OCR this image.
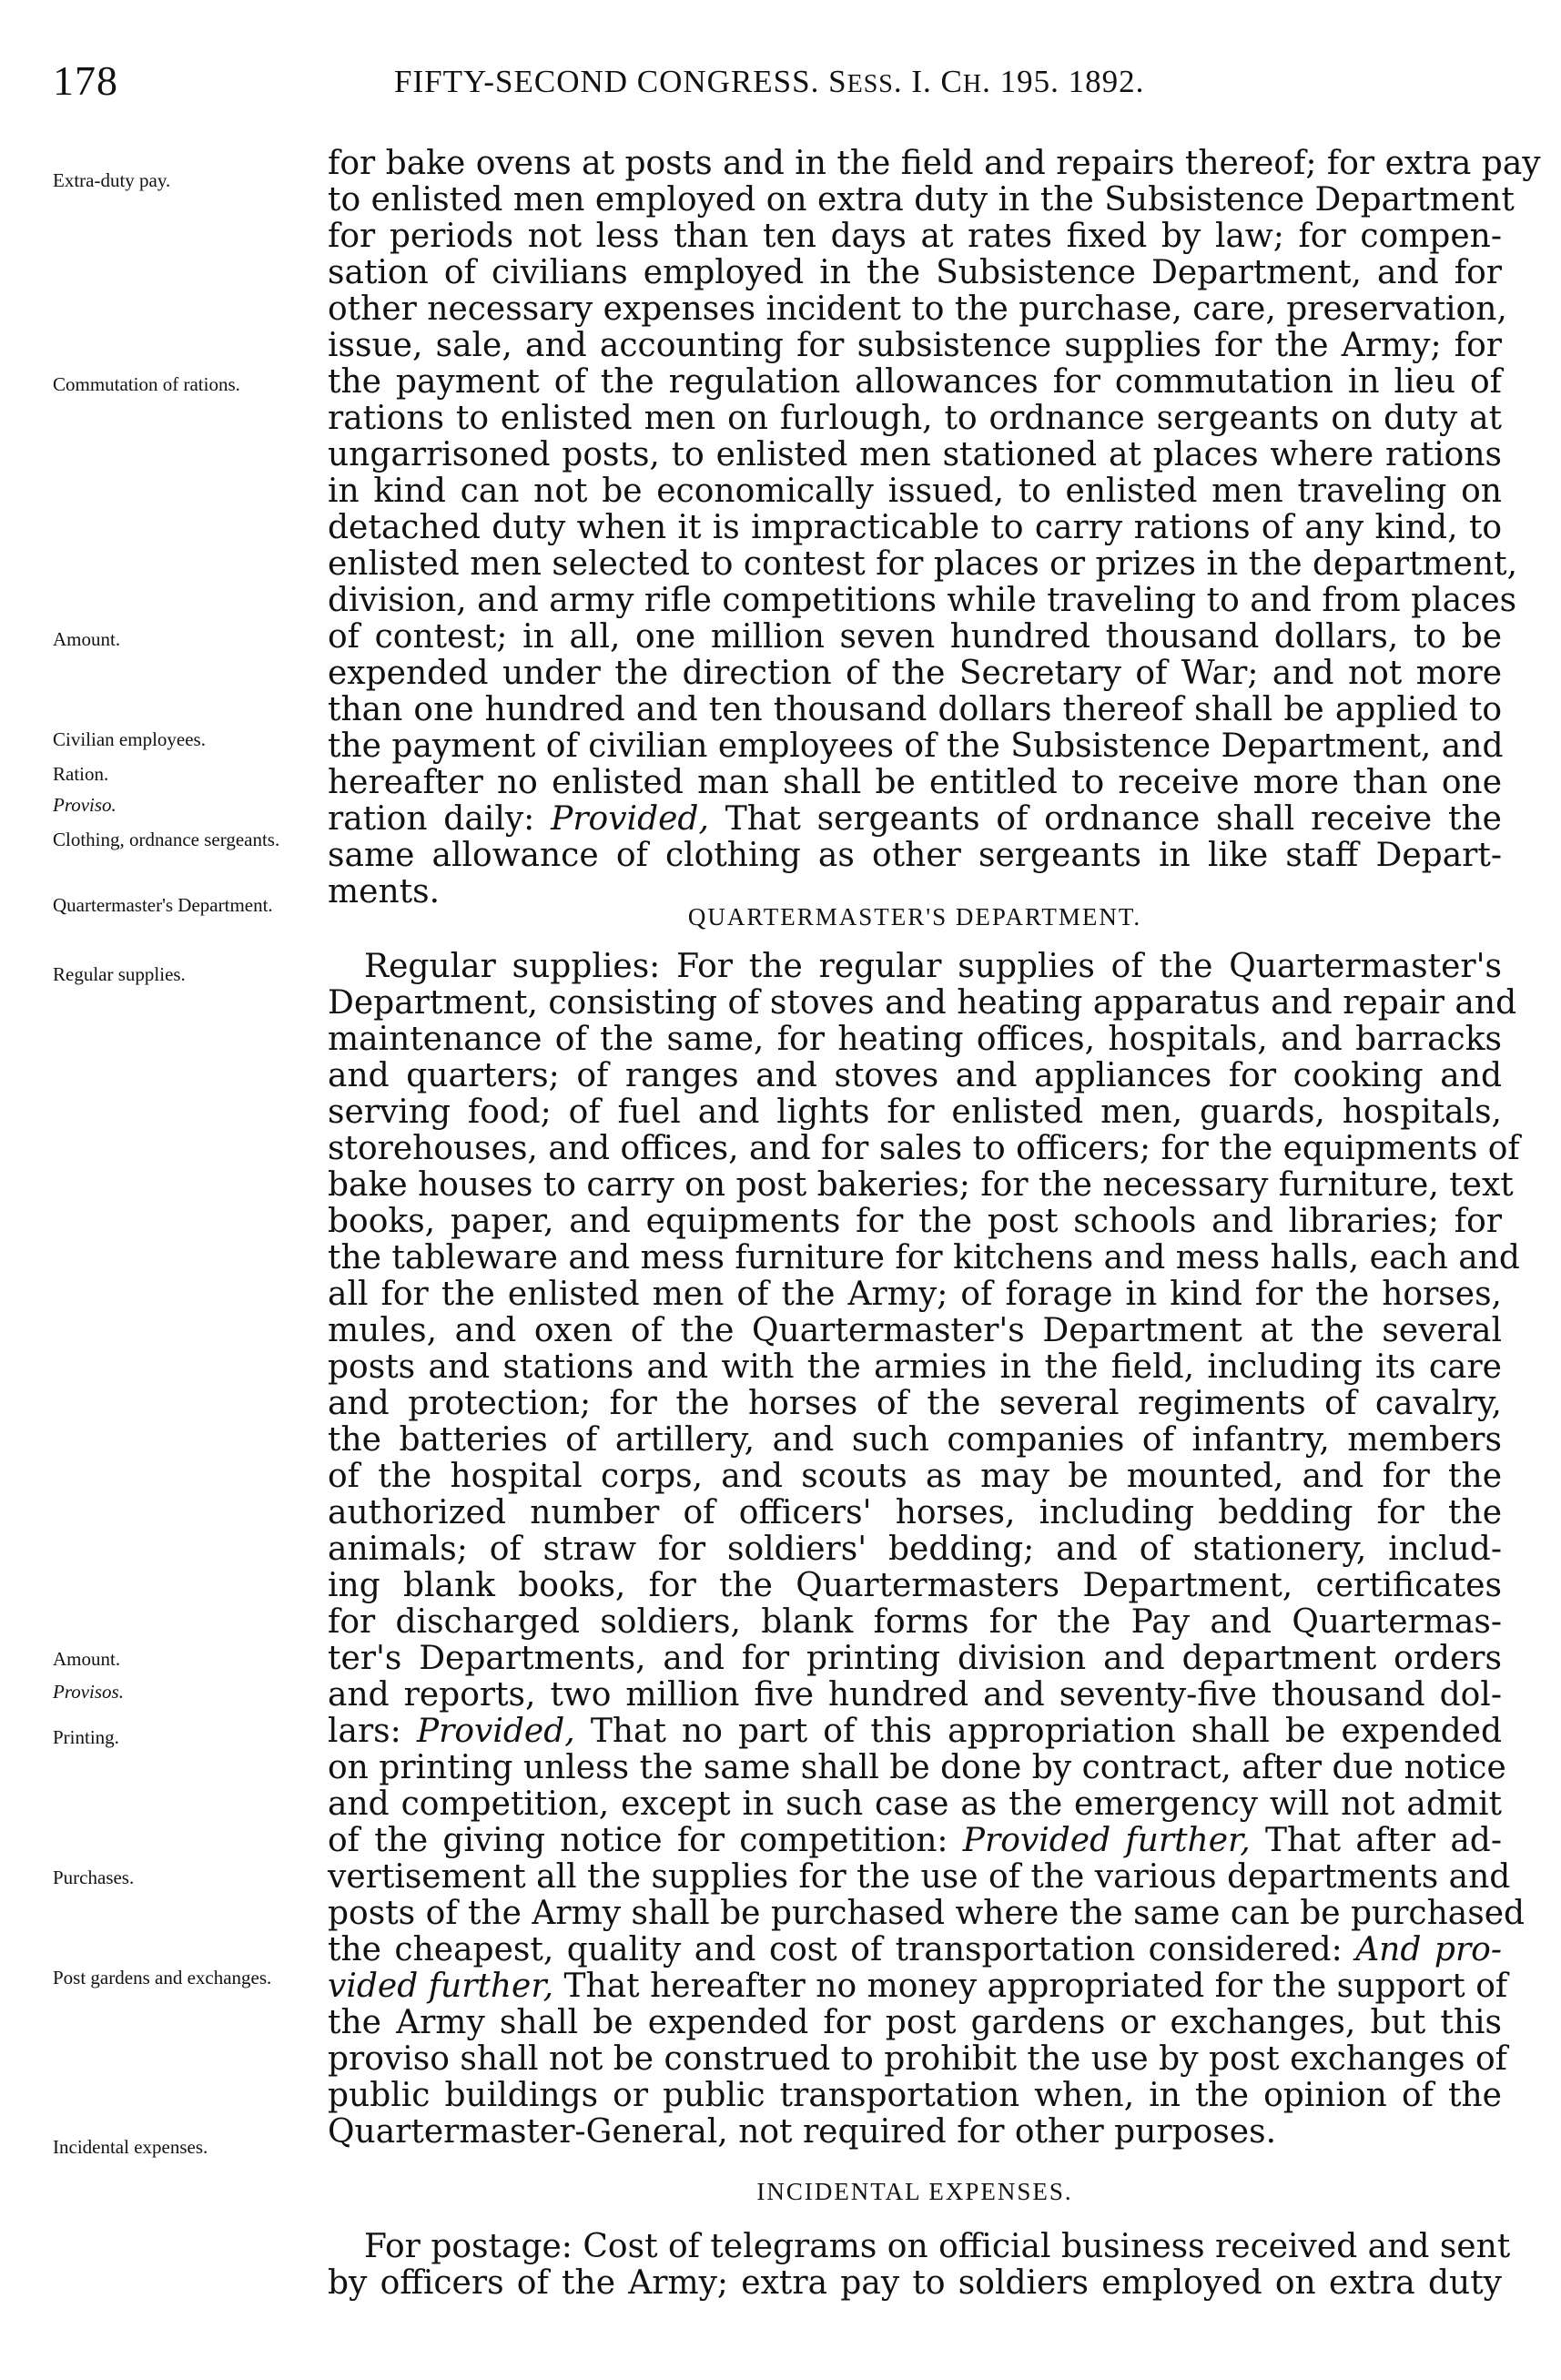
178	FIFTY-SECOND CONGRESS. SESS. I. CH. 195. 1892.
Extra-duty pay.
Commutation of rations.
Amount.
Civilian employees.
Ration.
Proviso.
Clothing, ordnance sergeants.
Quartermaster's Department.
Regular supplies.
Amount.
Provisos.
Printing.
Purchases.
Post gardens and exchanges.
Incidental expenses.
for bake ovens at posts and in the field and repairs thereof; for extra pay
to enlisted men employed on extra duty in the Subsistence Department
for periods not less than ten days at rates fixed by law; for compen-
sation of civilians employed in the Subsistence Department, and for
other necessary expenses incident to the purchase, care, preservation,
issue, sale, and accounting for subsistence supplies for the Army; for
the payment of the regulation allowances for commutation in lieu of
rations to enlisted men on furlough, to ordnance sergeants on duty at
ungarrisoned posts, to enlisted men stationed at places where rations
in kind can not be economically issued, to enlisted men traveling on
detached duty when it is impracticable to carry rations of any kind, to
enlisted men selected to contest for places or prizes in the department,
division, and army rifle competitions while traveling to and from places
of contest; in all, one million seven hundred thousand dollars, to be
expended under the direction of the Secretary of War; and not more
than one hundred and ten thousand dollars thereof shall be applied to
the payment of civilian employees of the Subsistence Department, and
hereafter no enlisted man shall be entitled to receive more than one
ration daily: Provided, That sergeants of ordnance shall receive the
same allowance of clothing as other sergeants in like staff Depart-
ments.
QUARTERMASTER'S DEPARTMENT.
Regular supplies: For the regular supplies of the Quartermaster's
Department, consisting of stoves and heating apparatus and repair and
maintenance of the same, for heating offices, hospitals, and barracks
and quarters; of ranges and stoves and appliances for cooking and
serving food; of fuel and lights for enlisted men, guards, hospitals,
storehouses, and offices, and for sales to officers; for the equipments of
bake houses to carry on post bakeries; for the necessary furniture, text
books, paper, and equipments for the post schools and libraries; for
the tableware and mess furniture for kitchens and mess halls, each and
all for the enlisted men of the Army; of forage in kind for the horses,
mules, and oxen of the Quartermaster's Department at the several
posts and stations and with the armies in the field, including its care
and protection; for the horses of the several regiments of cavalry,
the batteries of artillery, and such companies of infantry, members
of the hospital corps, and scouts as may be mounted, and for the
authorized number of officers' horses, including bedding for the
animals; of straw for soldiers' bedding; and of stationery, includ-
ing blank books, for the Quartermasters Department, certificates
for discharged soldiers, blank forms for the Pay and Quartermas-
ter's Departments, and for printing division and department orders
and reports, two million five hundred and seventy-five thousand dol-
lars: Provided, That no part of this appropriation shall be expended
on printing unless the same shall be done by contract, after due notice
and competition, except in such case as the emergency will not admit
of the giving notice for competition: Provided further, That after ad-
vertisement all the supplies for the use of the various departments and
posts of the Army shall be purchased where the same can be purchased
the cheapest, quality and cost of transportation considered: And pro-
vided further, That hereafter no money appropriated for the support of
the Army shall be expended for post gardens or exchanges, but this
proviso shall not be construed to prohibit the use by post exchanges of
public buildings or public transportation when, in the opinion of the
Quartermaster-General, not required for other purposes.
INCIDENTAL EXPENSES.
For postage: Cost of telegrams on official business received and sent
by officers of the Army; extra pay to soldiers employed on extra duty
